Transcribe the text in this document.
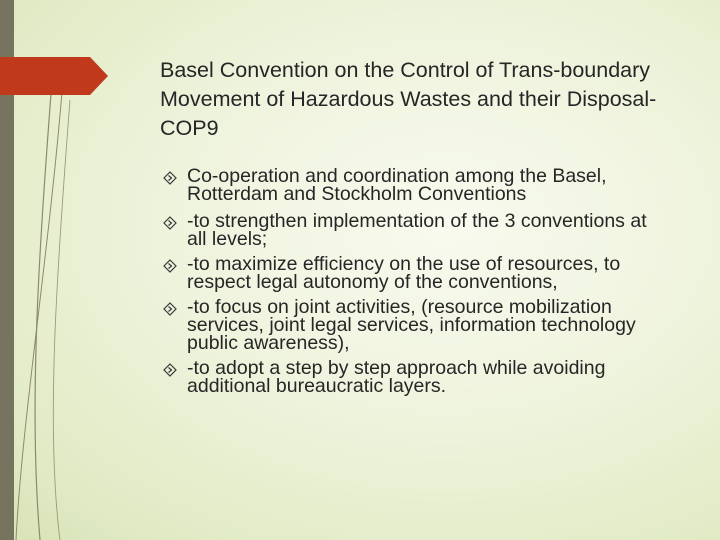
Basel Convention on the Control of Trans-boundary Movement of Hazardous Wastes and their Disposal-COP9
Co-operation and coordination among the Basel, Rotterdam and Stockholm Conventions
-to strengthen implementation of the 3 conventions at all levels;
-to maximize efficiency on the use of resources, to respect legal autonomy of the conventions,
-to focus on joint activities, (resource mobilization services, joint legal services, information technology public awareness),
-to adopt a step by step approach while avoiding additional bureaucratic layers.
